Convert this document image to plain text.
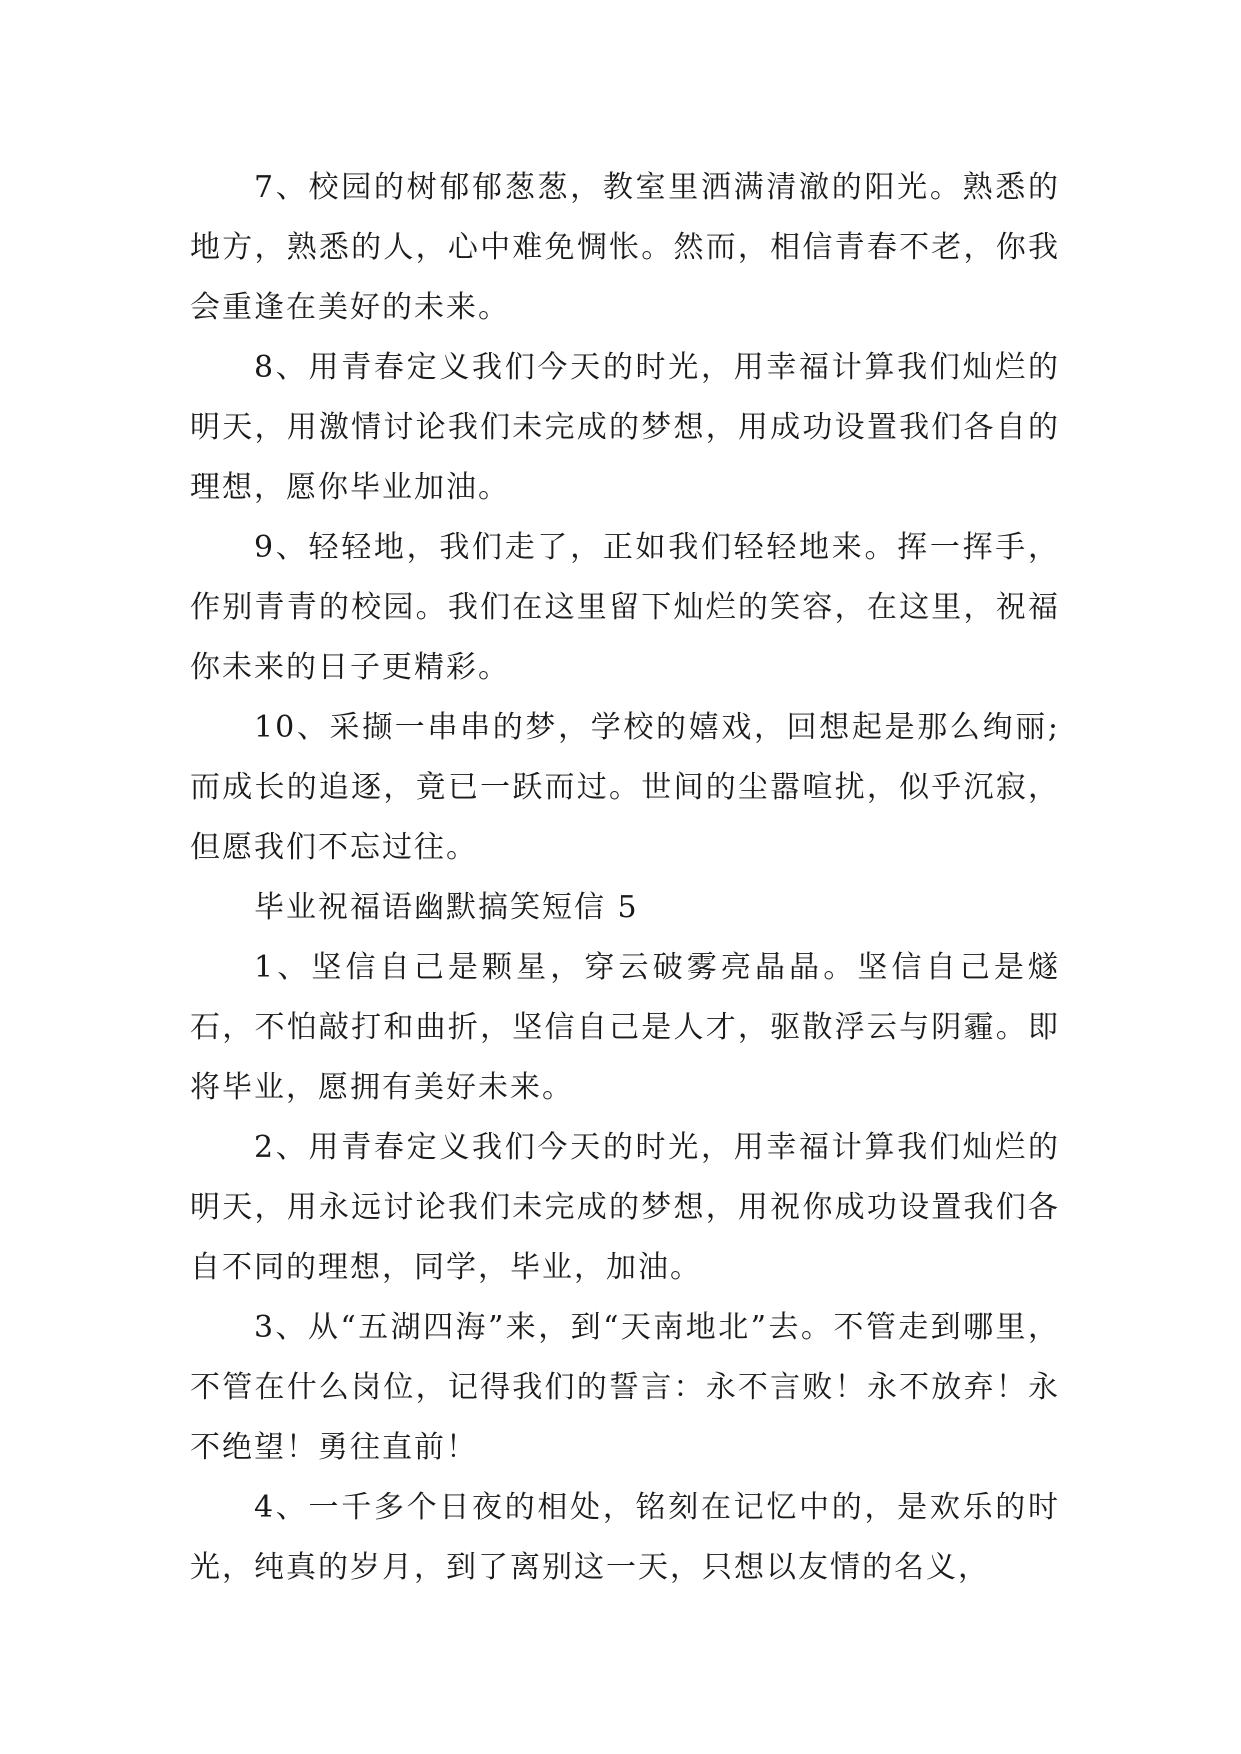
7、校园的树郁郁葱葱，教室里洒满清澈的阳光。熟悉的地方，熟悉的人，心中难免惆怅。然而，相信青春不老，你我会重逢在美好的未来。

8、用青春定义我们今天的时光，用幸福计算我们灿烂的明天，用激情讨论我们未完成的梦想，用成功设置我们各自的理想，愿你毕业加油。

9、轻轻地，我们走了，正如我们轻轻地来。挥一挥手，作别青青的校园。我们在这里留下灿烂的笑容，在这里，祝福你未来的日子更精彩。

10、采撷一串串的梦，学校的嬉戏，回想起是那么绚丽;而成长的追逐，竟已一跃而过。世间的尘嚣喧扰，似乎沉寂，但愿我们不忘过往。

毕业祝福语幽默搞笑短信 5

1、坚信自己是颗星，穿云破雾亮晶晶。坚信自己是燧石，不怕敲打和曲折，坚信自己是人才，驱散浮云与阴霾。即将毕业，愿拥有美好未来。

2、用青春定义我们今天的时光，用幸福计算我们灿烂的明天，用永远讨论我们未完成的梦想，用祝你成功设置我们各自不同的理想，同学，毕业，加油。

3、从“五湖四海”来，到“天南地北”去。不管走到哪里，不管在什么岗位，记得我们的誓言：永不言败！永不放弃！永不绝望！勇往直前！

4、一千多个日夜的相处，铭刻在记忆中的，是欢乐的时光，纯真的岁月，到了离别这一天，只想以友情的名义，
